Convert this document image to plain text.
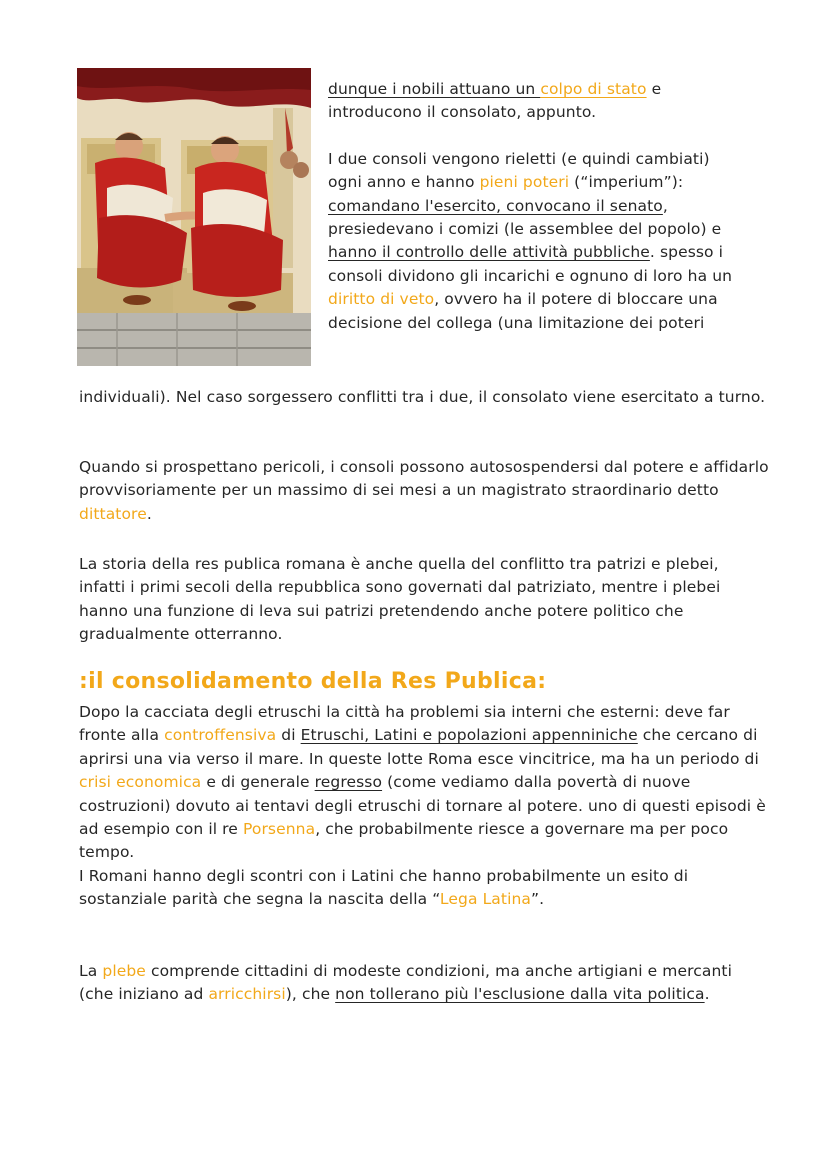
dunque i nobili attuano un colpo di stato e introducono il consolato, appunto.

I due consoli vengono rieletti (e quindi cambiati) ogni anno e hanno pieni poteri (“imperium”): comandano l'esercito, convocano il senato, presiedevano i comizi (le assemblee del popolo) e hanno il controllo delle attività pubbliche. spesso i consoli dividono gli incarichi e ognuno di loro ha un diritto di veto, ovvero ha il potere di bloccare una decisione del collega (una limitazione dei poteri

individuali). Nel caso sorgessero conflitti tra i due, il consolato viene esercitato a turno.

Quando si prospettano pericoli, i consoli possono autosospendersi dal potere e affidarlo provvisoriamente per un massimo di sei mesi a un magistrato straordinario detto dittatore.

La storia della res publica romana è anche quella del conflitto tra patrizi e plebei, infatti i primi secoli della repubblica sono governati dal patriziato, mentre i plebei hanno una funzione di leva sui patrizi pretendendo anche potere politico che gradualmente otterranno.

:il consolidamento della Res Publica:

Dopo la cacciata degli etruschi la città ha problemi sia interni che esterni: deve far fronte alla controffensiva di Etruschi, Latini e popolazioni appenniniche che cercano di aprirsi una via verso il mare. In queste lotte Roma esce vincitrice, ma ha un periodo di crisi economica e di generale regresso (come vediamo dalla povertà di nuove costruzioni) dovuto ai tentavi degli etruschi di tornare al potere. uno di questi episodi è ad esempio con il re Porsenna, che probabilmente riesce a governare ma per poco tempo.

I Romani hanno degli scontri con i Latini che hanno probabilmente un esito di sostanziale parità che segna la nascita della “Lega Latina”.

La plebe comprende cittadini di modeste condizioni, ma anche artigiani e mercanti (che iniziano ad arricchirsi), che non tollerano più l'esclusione dalla vita politica.
